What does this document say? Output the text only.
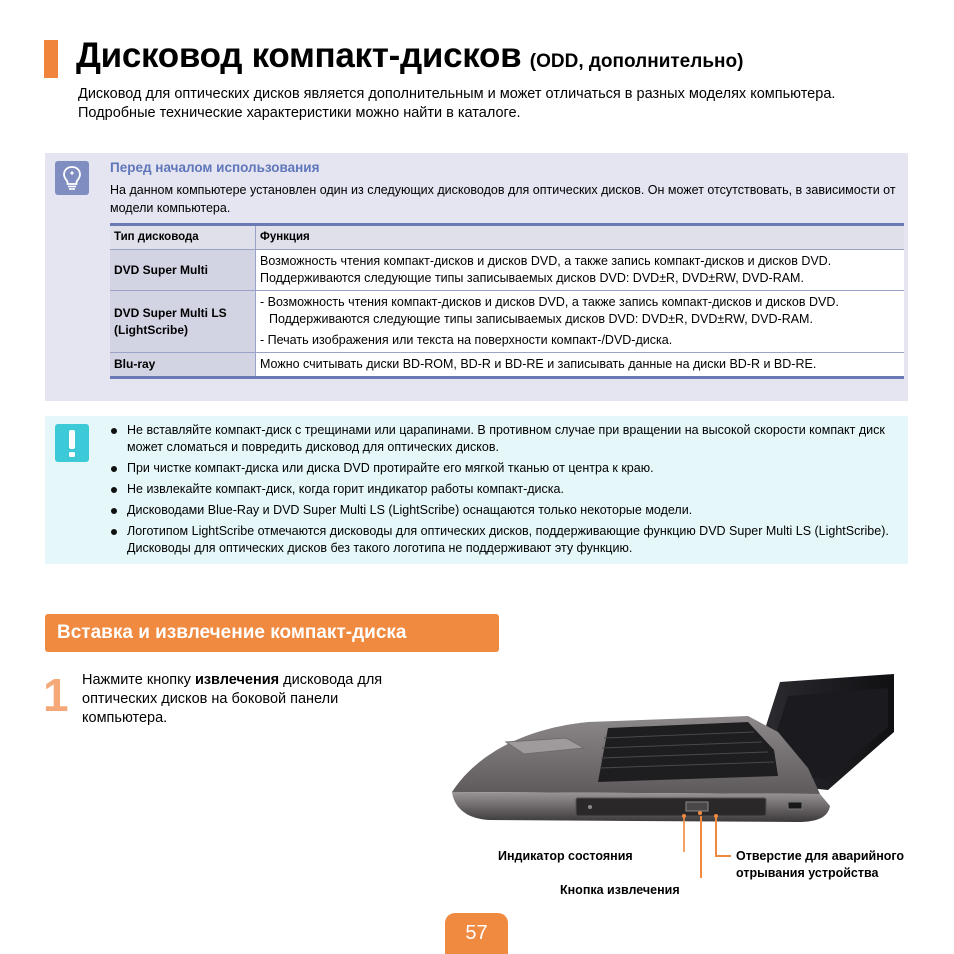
Дисковод компакт-дисков (ODD, дополнительно)
Дисковод для оптических дисков является дополнительным и может отличаться в разных моделях компьютера. Подробные технические характеристики можно найти в каталоге.
Перед началом использования
На данном компьютере установлен один из следующих дисководов для оптических дисков. Он может отсутствовать, в зависимости от модели компьютера.
Тип дисковода	Функция
DVD Super Multi	Возможность чтения компакт-дисков и дисков DVD, а также запись компакт-дисков и дисков DVD. Поддерживаются следующие типы записываемых дисков DVD: DVD±R, DVD±RW, DVD-RAM.

DVD Super Multi LS (LightScribe)	- Возможность чтения компакт-дисков и дисков DVD, а также запись компакт-дисков и дисков DVD. Поддерживаются следующие типы записываемых дисков DVD: DVD±R, DVD±RW, DVD-RAM.
- Печать изображения или текста на поверхности компакт-/DVD-диска.

Blu-ray	Можно считывать диски BD-ROM, BD-R и BD-RE и записывать данные на диски BD-R и BD-RE.
Не вставляйте компакт-диск с трещинами или царапинами. В противном случае при вращении на высокой скорости компакт диск может сломаться и повредить дисковод для оптических дисков.
При чистке компакт-диска или диска DVD протирайте его мягкой тканью от центра к краю.
Не извлекайте компакт-диск, когда горит индикатор работы компакт-диска.
Дисководами Blue-Ray и DVD Super Multi LS (LightScribe) оснащаются только некоторые модели.
Логотипом LightScribe отмечаются дисководы для оптических дисков, поддерживающие функцию DVD Super Multi LS (LightScribe). Дисководы для оптических дисков без такого логотипа не поддерживают эту функцию.
Вставка и извлечение компакт-диска
1 Нажмите кнопку извлечения дисковода для оптических дисков на боковой панели компьютера.
Индикатор состояния
Кнопка извлечения
Отверстие для аварийного отрывания устройства
57
